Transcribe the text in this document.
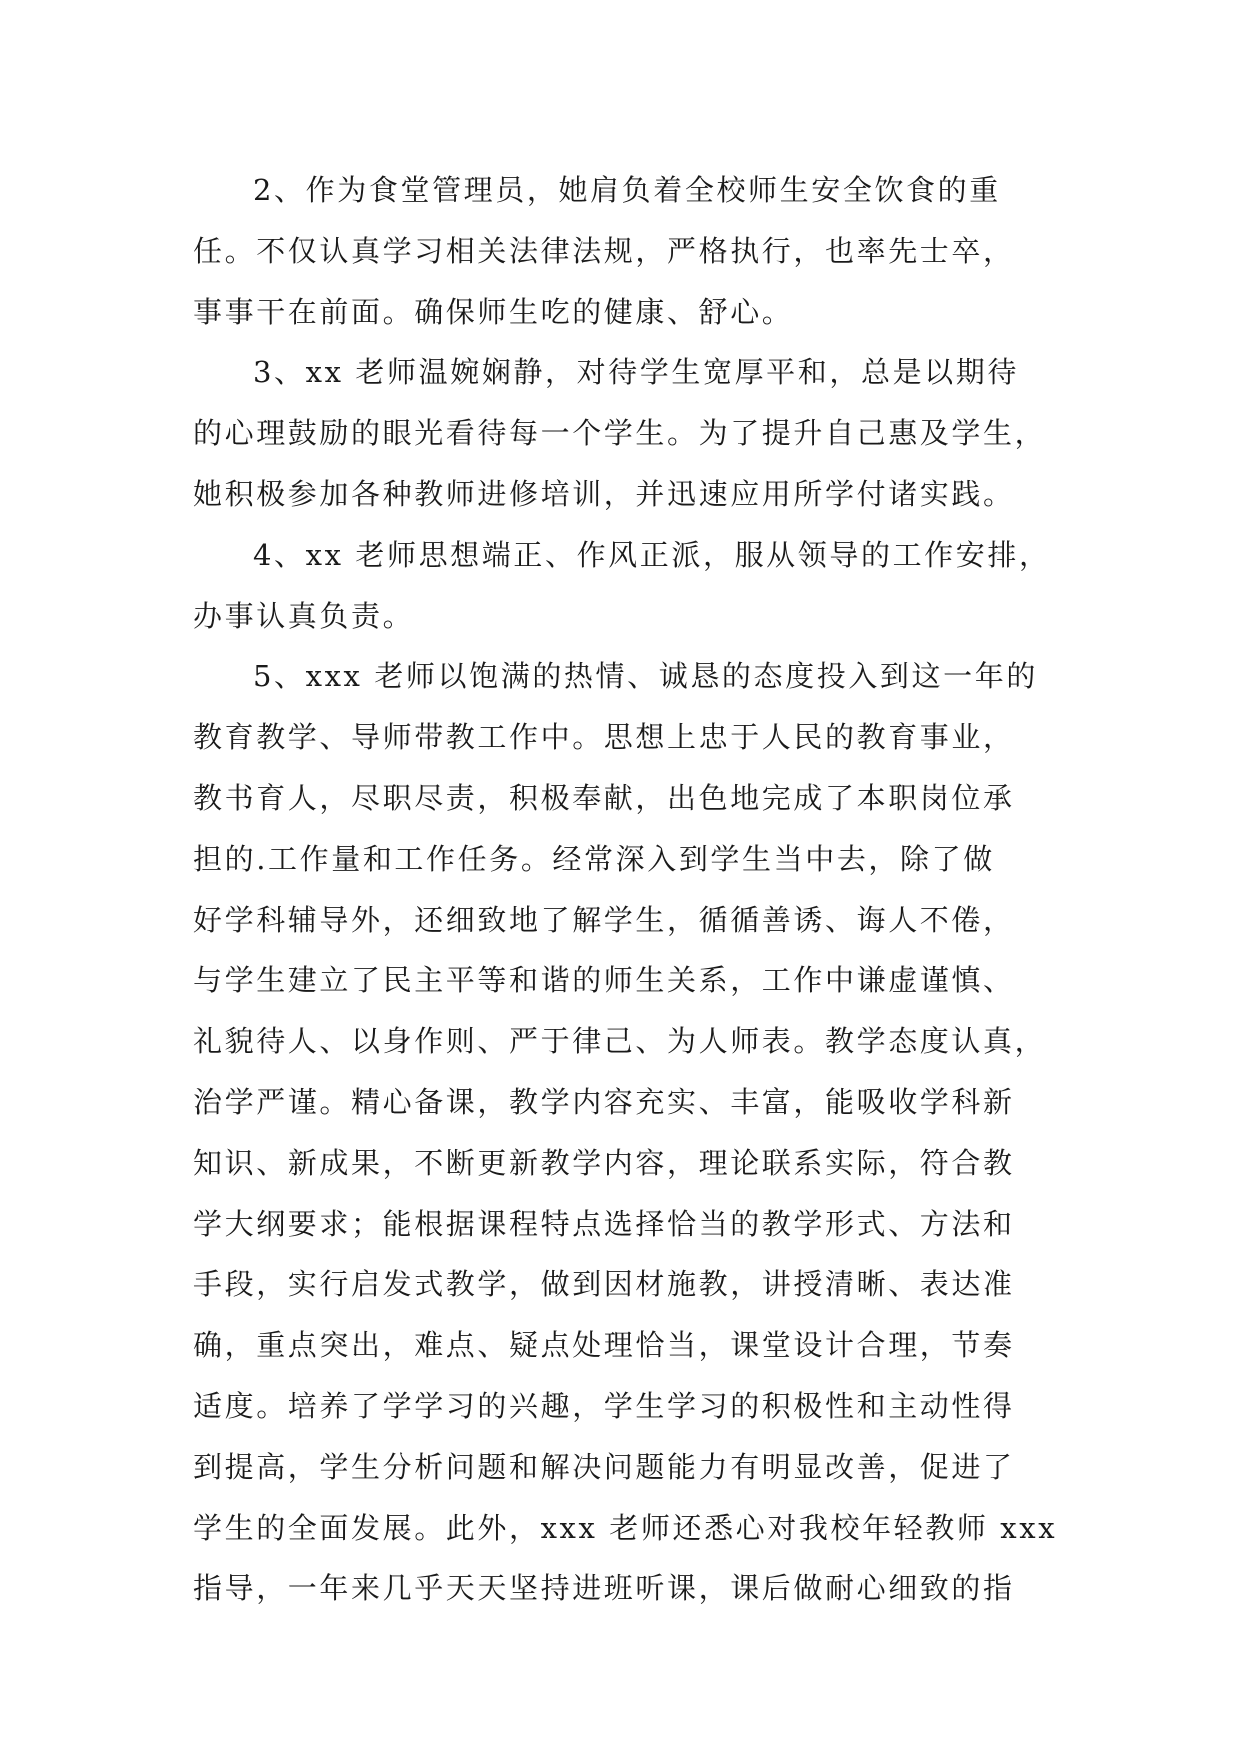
2、作为食堂管理员，她肩负着全校师生安全饮食的重
任。不仅认真学习相关法律法规，严格执行，也率先士卒，
事事干在前面。确保师生吃的健康、舒心。
3、xx 老师温婉娴静，对待学生宽厚平和，总是以期待
的心理鼓励的眼光看待每一个学生。为了提升自己惠及学生，
她积极参加各种教师进修培训，并迅速应用所学付诸实践。
4、xx 老师思想端正、作风正派，服从领导的工作安排，
办事认真负责。
5、xxx 老师以饱满的热情、诚恳的态度投入到这一年的
教育教学、导师带教工作中。思想上忠于人民的教育事业，
教书育人，尽职尽责，积极奉献，出色地完成了本职岗位承
担的.工作量和工作任务。经常深入到学生当中去，除了做
好学科辅导外，还细致地了解学生，循循善诱、诲人不倦，
与学生建立了民主平等和谐的师生关系，工作中谦虚谨慎、
礼貌待人、以身作则、严于律己、为人师表。教学态度认真，
治学严谨。精心备课，教学内容充实、丰富，能吸收学科新
知识、新成果，不断更新教学内容，理论联系实际，符合教
学大纲要求；能根据课程特点选择恰当的教学形式、方法和
手段，实行启发式教学，做到因材施教，讲授清晰、表达准
确，重点突出，难点、疑点处理恰当，课堂设计合理，节奏
适度。培养了学学习的兴趣，学生学习的积极性和主动性得
到提高，学生分析问题和解决问题能力有明显改善，促进了
学生的全面发展。此外，xxx 老师还悉心对我校年轻教师 xxx
指导，一年来几乎天天坚持进班听课，课后做耐心细致的指
